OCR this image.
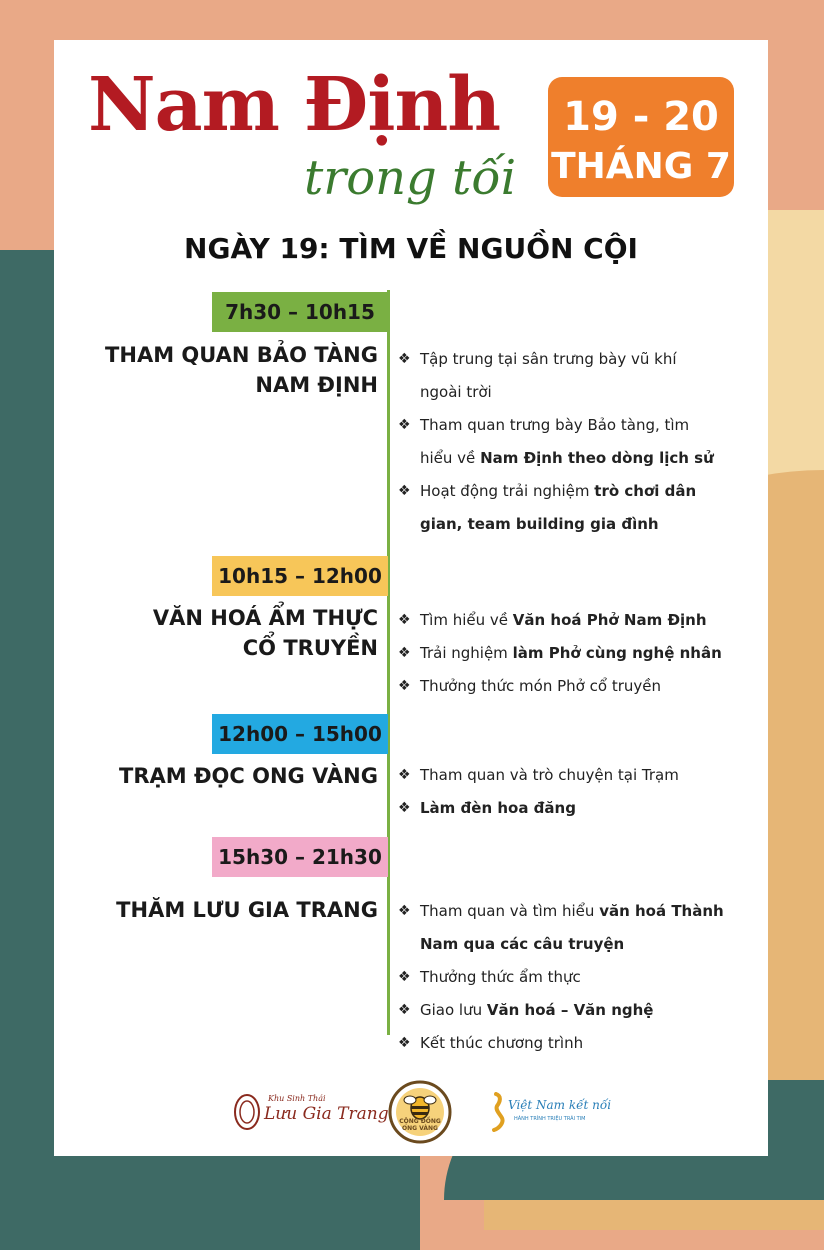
Nam Định
trong tối
19 - 20
THÁNG 7
NGÀY 19: TÌM VỀ NGUỒN CỘI
7h30 – 10h15
THAM QUAN BẢO TÀNG
NAM ĐỊNH
❖ Tập trung tại sân trưng bày vũ khí
ngoài trời
❖ Tham quan trưng bày Bảo tàng, tìm
hiểu về Nam Định theo dòng lịch sử
❖ Hoạt động trải nghiệm trò chơi dân
gian, team building gia đình
10h15 – 12h00
VĂN HOÁ ẨM THỰC
CỔ TRUYỀN
❖ Tìm hiểu về Văn hoá Phở Nam Định
❖ Trải nghiệm làm Phở cùng nghệ nhân
❖ Thưởng thức món Phở cổ truyền
12h00 – 15h00
TRẠM ĐỌC ONG VÀNG	❖ Tham quan và trò chuyện tại Trạm
❖ Làm đèn hoa đăng
15h30 – 21h30
THĂM LƯU GIA TRANG	❖ Tham quan và tìm hiểu văn hoá Thành
Nam qua các câu truyện
❖ Thưởng thức ẩm thực
❖ Giao lưu Văn hoá – Văn nghệ
❖ Kết thúc chương trình
Khu Sinh Thái
Lưu Gia Trang	CỘNG ĐỒNG
ONG VÀNG
Việt Nam kết nối
HÀNH TRÌNH TRIỆU TRÁI TIM
